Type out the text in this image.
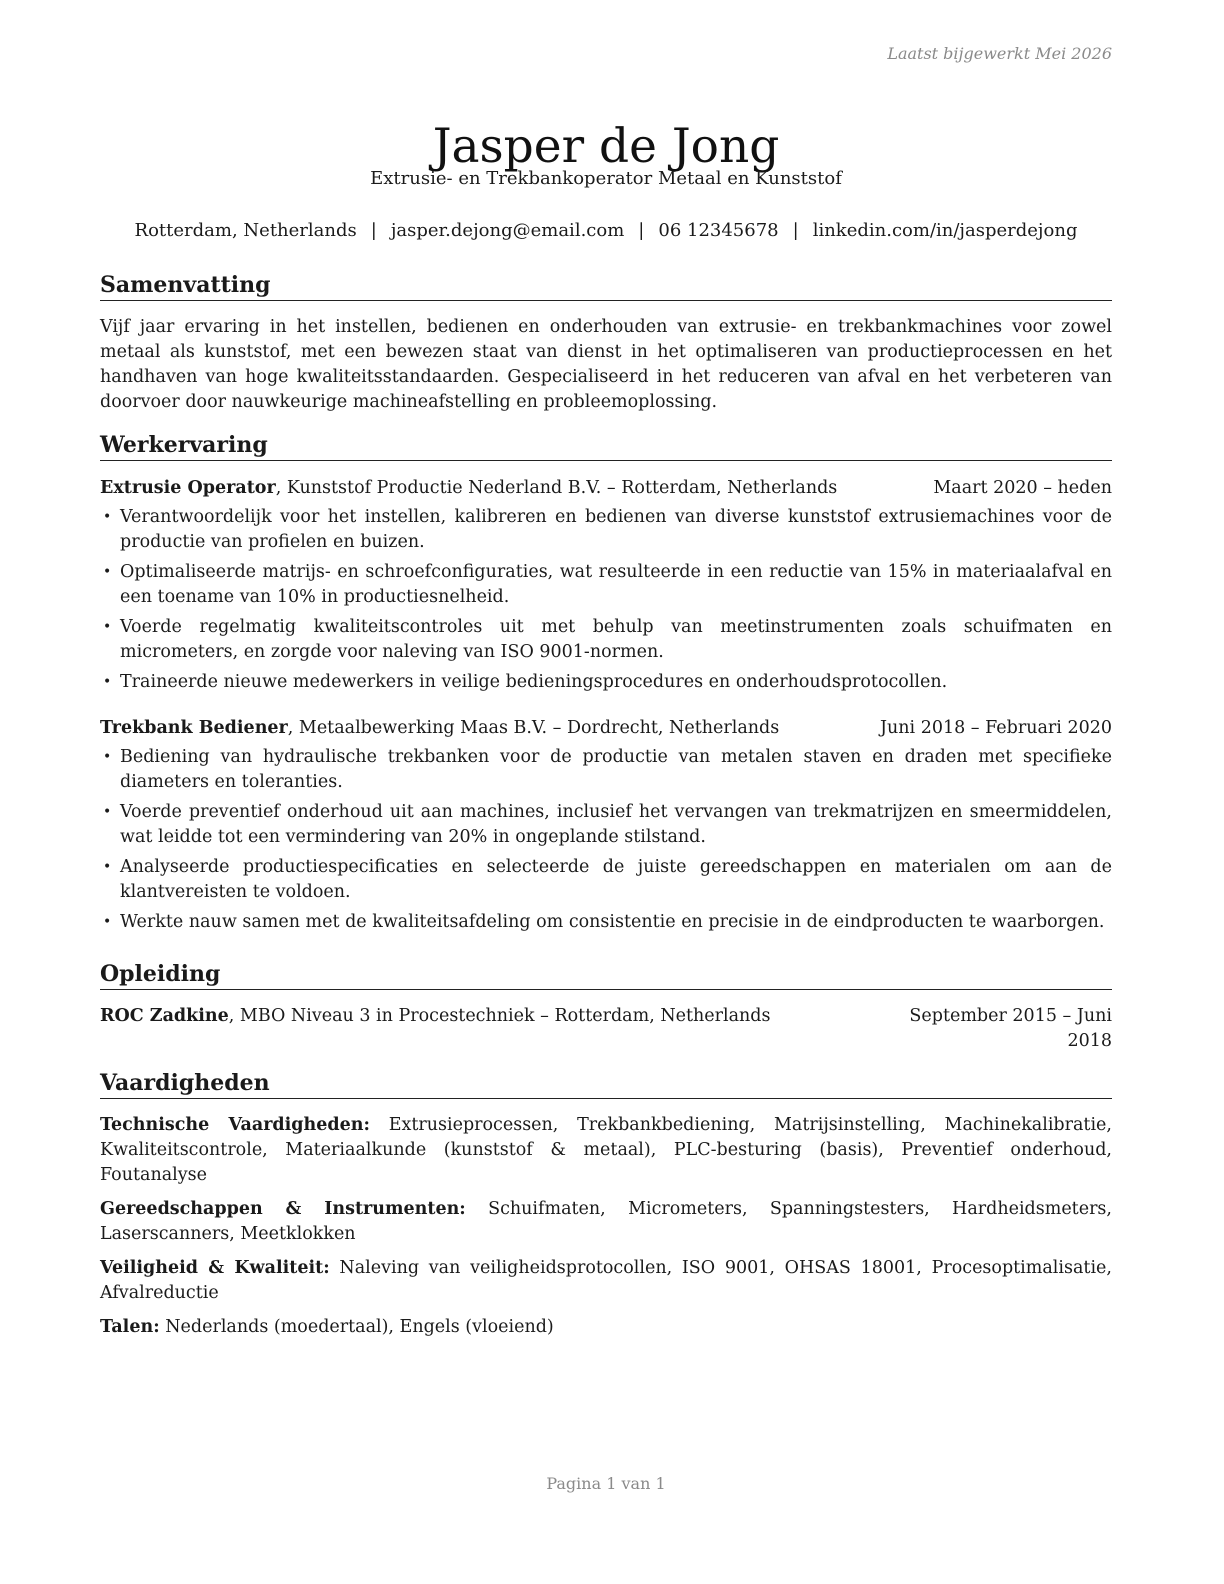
Laatst bijgewerkt Mei 2026
Jasper de Jong
Extrusie- en Trekbankoperator Metaal en Kunststof
Rotterdam, Netherlands | jasper.dejong@email.com | 06 12345678 | linkedin.com/in/jasperdejong
Samenvatting

Vijf jaar ervaring in het instellen, bedienen en onderhouden van extrusie- en trekbankmachines voor zowel metaal als kunststof, met een bewezen staat van dienst in het optimaliseren van productieprocessen en het handhaven van hoge kwaliteitsstandaarden. Gespecialiseerd in het reduceren van afval en het verbeteren van doorvoer door nauwkeurige machineafstelling en probleemoplossing.

Werkervaring
Extrusie Operator, Kunststof Productie Nederland B.V. – Rotterdam, Netherlands	Maart 2020 – heden
• Verantwoordelijk voor het instellen, kalibreren en bedienen van diverse kunststof extrusiemachines voor de productie van profielen en buizen.
• Optimaliseerde matrijs- en schroefconfiguraties, wat resulteerde in een reductie van 15% in materiaalafval en een toename van 10% in productiesnelheid.
• Voerde regelmatig kwaliteitscontroles uit met behulp van meetinstrumenten zoals schuifmaten en micrometers, en zorgde voor naleving van ISO 9001-normen.
• Traineerde nieuwe medewerkers in veilige bedieningsprocedures en onderhoudsprotocollen.
Trekbank Bediener, Metaalbewerking Maas B.V. – Dordrecht, Netherlands	Juni 2018 – Februari 2020
• Bediening van hydraulische trekbanken voor de productie van metalen staven en draden met specifieke diameters en toleranties.
• Voerde preventief onderhoud uit aan machines, inclusief het vervangen van trekmatrijzen en smeermiddelen, wat leidde tot een vermindering van 20% in ongeplande stilstand.
• Analyseerde productiespecificaties en selecteerde de juiste gereedschappen en materialen om aan de klantvereisten te voldoen.
• Werkte nauw samen met de kwaliteitsafdeling om consistentie en precisie in de eindproducten te waarborgen.
Opleiding
ROC Zadkine, MBO Niveau 3 in Procestechniek – Rotterdam, Netherlands	September 2015 – Juni 2018
Vaardigheden

Technische Vaardigheden: Extrusieprocessen, Trekbankbediening, Matrijsinstelling, Machinekalibratie, Kwaliteitscontrole, Materiaalkunde (kunststof & metaal), PLC-besturing (basis), Preventief onderhoud, Foutanalyse

Gereedschappen & Instrumenten: Schuifmaten, Micrometers, Spanningstesters, Hardheidsmeters, Laserscanners, Meetklokken

Veiligheid & Kwaliteit: Naleving van veiligheidsprotocollen, ISO 9001, OHSAS 18001, Procesoptimalisatie, Afvalreductie

Talen: Nederlands (moedertaal), Engels (vloeiend)

Pagina 1 van 1
